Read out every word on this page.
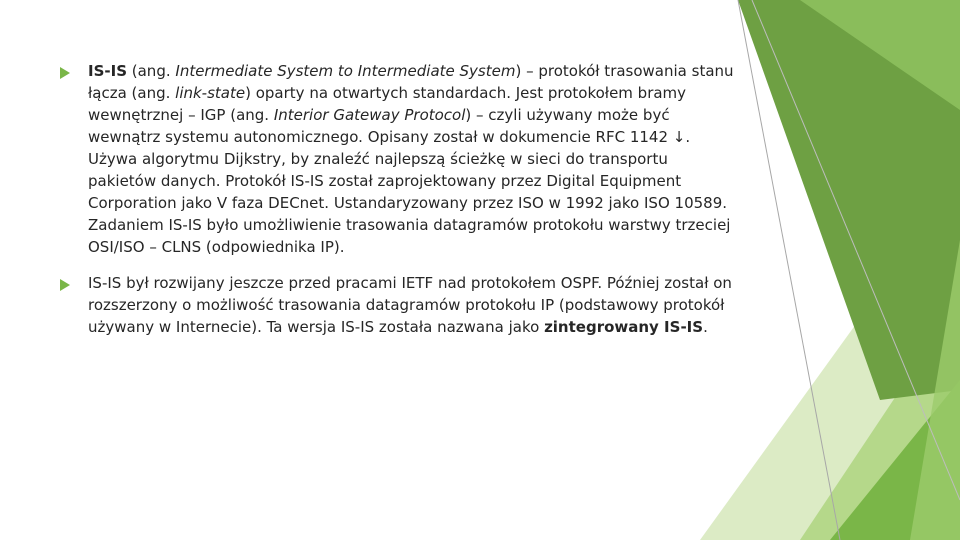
IS-IS (ang. Intermediate System to Intermediate System) – protokół trasowania stanu łącza (ang. link-state) oparty na otwartych standardach. Jest protokołem bramy wewnętrznej – IGP (ang. Interior Gateway Protocol) – czyli używany może być wewnątrz systemu autonomicznego. Opisany został w dokumencie RFC 1142 ↓. Używa algorytmu Dijkstry, by znaleźć najlepszą ścieżkę w sieci do transportu pakietów danych. Protokół IS-IS został zaprojektowany przez Digital Equipment Corporation jako V faza DECnet. Ustandaryzowany przez ISO w 1992 jako ISO 10589. Zadaniem IS-IS było umożliwienie trasowania datagramów protokołu warstwy trzeciej OSI/ISO – CLNS (odpowiednika IP).

IS-IS był rozwijany jeszcze przed pracami IETF nad protokołem OSPF. Później został on rozszerzony o możliwość trasowania datagramów protokołu IP (podstawowy protokół używany w Internecie). Ta wersja IS-IS została nazwana jako zintegrowany IS-IS.
